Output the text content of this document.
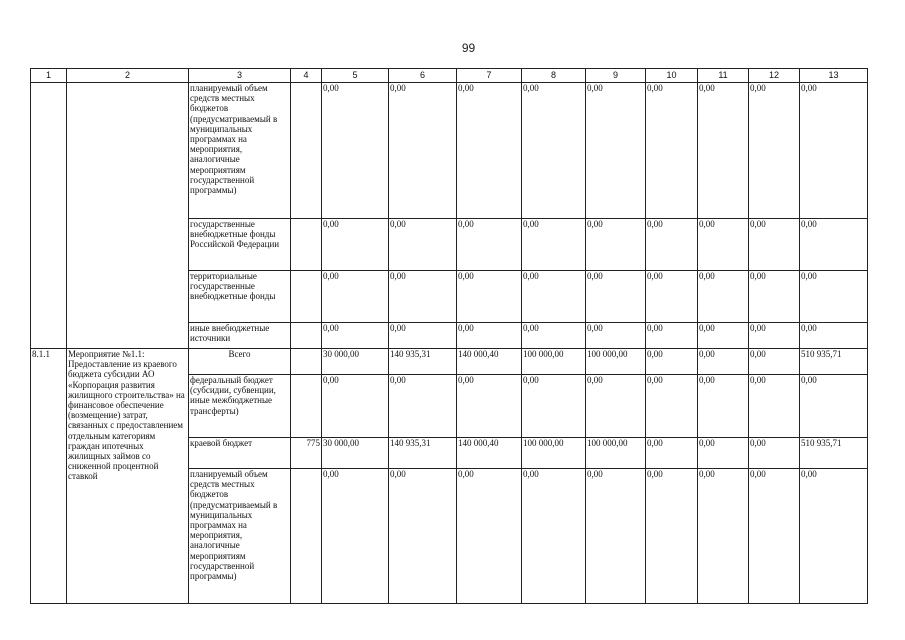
99
1	2	3	4	5	6	7	8	9	10	11	12	13
		планируемый объем средств местных бюджетов (предусматриваемый в муниципальных программах на мероприятия, аналогичные мероприятиям государственной программы)		0,00	0,00	0,00	0,00	0,00	0,00	0,00	0,00	0,00
		государственные внебюджетные фонды Российской Федерации		0,00	0,00	0,00	0,00	0,00	0,00	0,00	0,00	0,00
		территориальные государственные внебюджетные фонды		0,00	0,00	0,00	0,00	0,00	0,00	0,00	0,00	0,00
		иные внебюджетные источники		0,00	0,00	0,00	0,00	0,00	0,00	0,00	0,00	0,00
8.1.1	Мероприятие №1.1: Предоставление из краевого бюджета субсидии АО «Корпорация развития жилищного строительства» на финансовое обеспечение (возмещение) затрат, связанных с предоставлением отдельным категориям граждан ипотечных жилищных займов со сниженной процентной ставкой	Всего		30 000,00	140 935,31	140 000,40	100 000,00	100 000,00	0,00	0,00	0,00	510 935,71
		федеральный бюджет (субсидии, субвенции, иные межбюджетные трансферты)		0,00	0,00	0,00	0,00	0,00	0,00	0,00	0,00	0,00
		краевой бюджет	775	30 000,00	140 935,31	140 000,40	100 000,00	100 000,00	0,00	0,00	0,00	510 935,71
		планируемый объем средств местных бюджетов (предусматриваемый в муниципальных программах на мероприятия, аналогичные мероприятиям государственной программы)		0,00	0,00	0,00	0,00	0,00	0,00	0,00	0,00	0,00
